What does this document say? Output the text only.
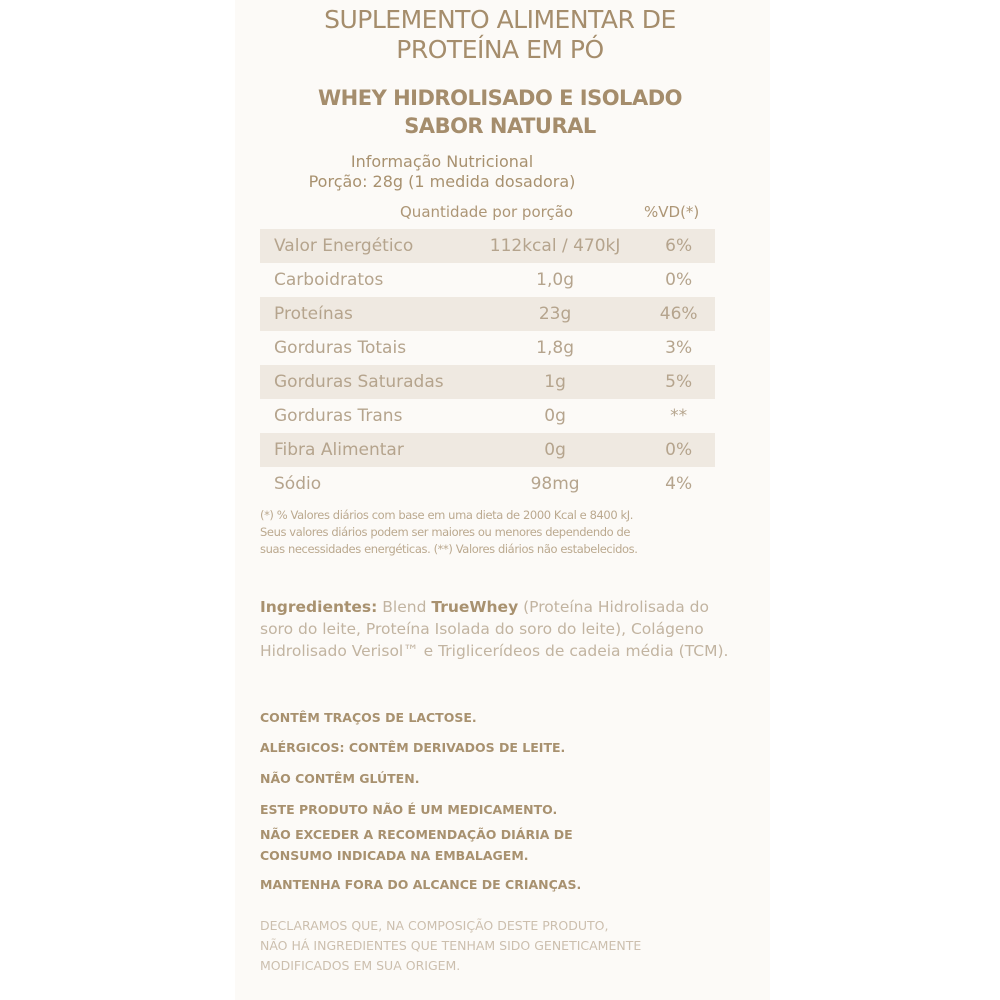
SUPLEMENTO ALIMENTAR DE
PROTEÍNA EM PÓ
WHEY HIDROLISADO E ISOLADO
SABOR NATURAL
Informação Nutricional
Porção: 28g (1 medida dosadora)
Quantidade por porção	%VD(*)
Valor Energético	112kcal / 470kJ	6%
Carboidratos	1,0g	0%
Proteínas	23g	46%
Gorduras Totais	1,8g	3%
Gorduras Saturadas	1g	5%
Gorduras Trans	0g	**
Fibra Alimentar	0g	0%
Sódio	98mg	4%
(*) % Valores diários com base em uma dieta de 2000 Kcal e 8400 kJ.
Seus valores diários podem ser maiores ou menores dependendo de
suas necessidades energéticas. (**) Valores diários não estabelecidos.
Ingredientes: Blend TrueWhey (Proteína Hidrolisada do soro do leite, Proteína Isolada do soro do leite), Colágeno Hidrolisado Verisol™ e Triglicerídeos de cadeia média (TCM).
CONTÊM TRAÇOS DE LACTOSE.
ALÉRGICOS: CONTÊM DERIVADOS DE LEITE.
NÃO CONTÊM GLÚTEN.
ESTE PRODUTO NÃO É UM MEDICAMENTO.
NÃO EXCEDER A RECOMENDAÇÃO DIÁRIA DE
CONSUMO INDICADA NA EMBALAGEM.
MANTENHA FORA DO ALCANCE DE CRIANÇAS.
DECLARAMOS QUE, NA COMPOSIÇÃO DESTE PRODUTO,
NÃO HÁ INGREDIENTES QUE TENHAM SIDO GENETICAMENTE
MODIFICADOS EM SUA ORIGEM.
